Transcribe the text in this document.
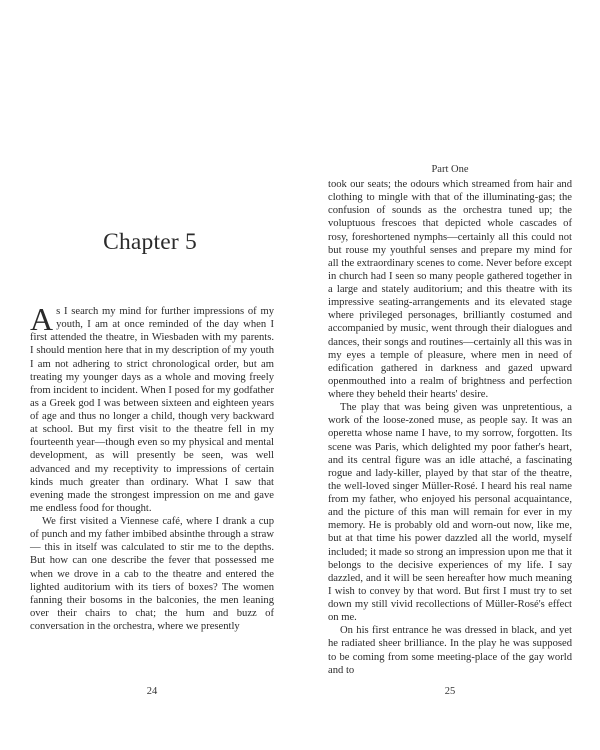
Chapter 5

As I search my mind for further impressions of my youth, I am at once reminded of the day when I first attended the theatre, in Wiesbaden with my parents. I should mention here that in my description of my youth I am not adhering to strict chronological order, but am treating my younger days as a whole and moving freely from incident to incident. When I posed for my godfather as a Greek god I was between sixteen and eighteen years of age and thus no longer a child, though very backward at school. But my first visit to the theatre fell in my fourteenth year—though even so my physical and mental development, as will presently be seen, was well advanced and my receptivity to impressions of certain kinds much greater than ordinary. What I saw that evening made the strongest impression on me and gave me endless food for thought.

We first visited a Viennese café, where I drank a cup of punch and my father imbibed absinthe through a straw— this in itself was calculated to stir me to the depths. But how can one describe the fever that possessed me when we drove in a cab to the theatre and entered the lighted auditorium with its tiers of boxes? The women fanning their bosoms in the balconies, the men leaning over their chairs to chat; the hum and buzz of conversation in the orchestra, where we presently

24
Part One

took our seats; the odours which streamed from hair and clothing to mingle with that of the illuminating-gas; the confusion of sounds as the orchestra tuned up; the voluptuous frescoes that depicted whole cascades of rosy, foreshortened nymphs—certainly all this could not but rouse my youthful senses and prepare my mind for all the extraordinary scenes to come. Never before except in church had I seen so many people gathered together in a large and stately auditorium; and this theatre with its impressive seating-arrangements and its elevated stage where privileged personages, brilliantly costumed and accompanied by music, went through their dialogues and dances, their songs and routines—certainly all this was in my eyes a temple of pleasure, where men in need of edification gathered in darkness and gazed upward openmouthed into a realm of brightness and perfection where they beheld their hearts' desire.

The play that was being given was unpretentious, a work of the loose-zoned muse, as people say. It was an operetta whose name I have, to my sorrow, forgotten. Its scene was Paris, which delighted my poor father's heart, and its central figure was an idle attaché, a fascinating rogue and lady-killer, played by that star of the theatre, the well-loved singer Müller-Rosé. I heard his real name from my father, who enjoyed his personal acquaintance, and the picture of this man will remain for ever in my memory. He is probably old and worn-out now, like me, but at that time his power dazzled all the world, myself included; it made so strong an impression upon me that it belongs to the decisive experiences of my life. I say dazzled, and it will be seen hereafter how much meaning I wish to convey by that word. But first I must try to set down my still vivid recollections of Müller-Rosé's effect on me.

On his first entrance he was dressed in black, and yet he radiated sheer brilliance. In the play he was supposed to be coming from some meeting-place of the gay world and to

25
